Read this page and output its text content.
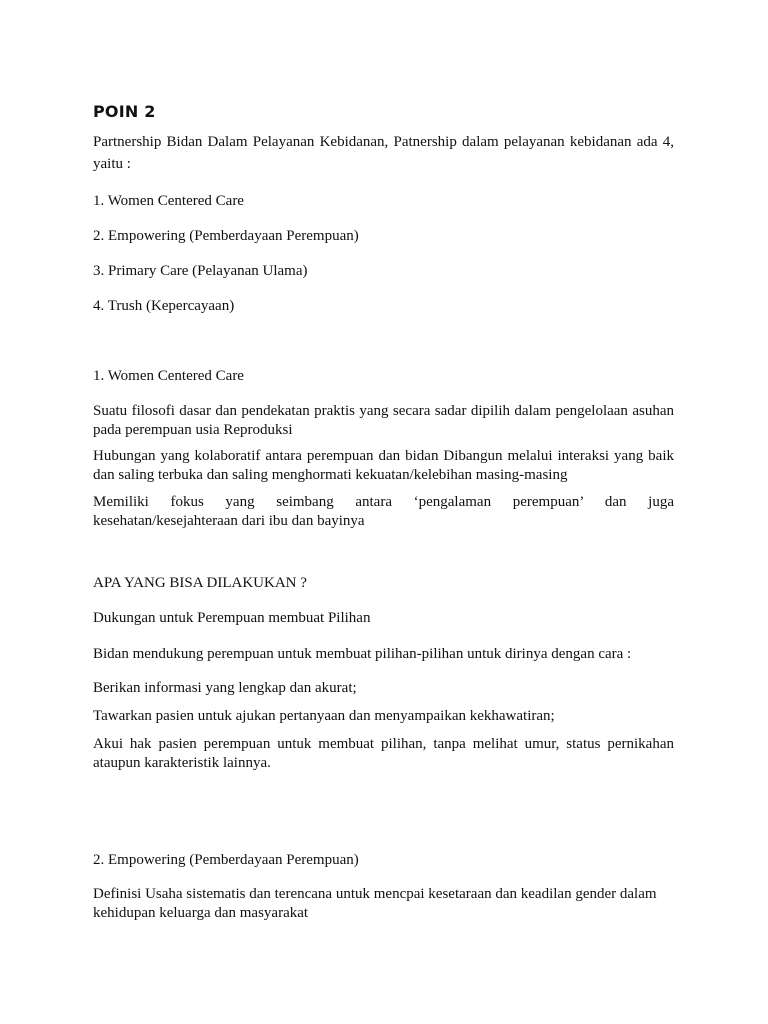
POIN 2

Partnership Bidan Dalam Pelayanan Kebidanan, Patnership dalam pelayanan kebidanan ada 4, yaitu :

1. Women Centered Care

2. Empowering (Pemberdayaan Perempuan)

3. Primary Care (Pelayanan Ulama)

4. Trush (Kepercayaan)

1. Women Centered Care

Suatu filosofi dasar dan pendekatan praktis yang secara sadar dipilih dalam pengelolaan asuhan pada perempuan usia Reproduksi

Hubungan yang kolaboratif antara perempuan dan bidan Dibangun melalui interaksi yang baik dan saling terbuka dan saling menghormati kekuatan/kelebihan masing-masing

Memiliki fokus yang seimbang antara ‘pengalaman perempuan’ dan juga kesehatan/kesejahteraan dari ibu dan bayinya

APA YANG BISA DILAKUKAN ?

Dukungan untuk Perempuan membuat Pilihan

Bidan mendukung perempuan untuk membuat pilihan-pilihan untuk dirinya dengan cara :

Berikan informasi yang lengkap dan akurat;

Tawarkan pasien untuk ajukan pertanyaan dan menyampaikan kekhawatiran;

Akui hak pasien perempuan untuk membuat pilihan, tanpa melihat umur, status pernikahan ataupun karakteristik lainnya.

2. Empowering (Pemberdayaan Perempuan)

Definisi Usaha sistematis dan terencana untuk mencpai kesetaraan dan keadilan gender dalam kehidupan keluarga dan masyarakat
